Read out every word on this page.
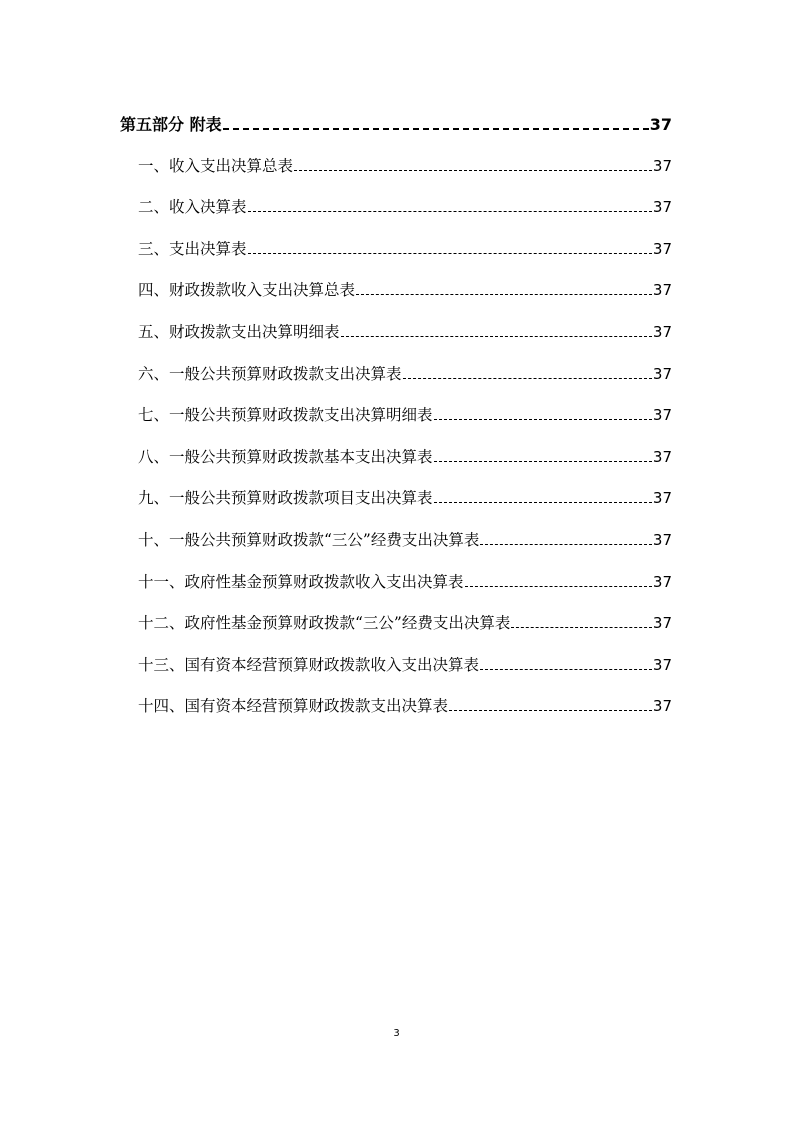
第五部分 附表	37
一、收入支出决算总表	37
二、收入决算表	37
三、支出决算表	37
四、财政拨款收入支出决算总表	37
五、财政拨款支出决算明细表	37
六、一般公共预算财政拨款支出决算表	37
七、一般公共预算财政拨款支出决算明细表	37
八、一般公共预算财政拨款基本支出决算表	37
九、一般公共预算财政拨款项目支出决算表	37
十、一般公共预算财政拨款“三公”经费支出决算表	37
十一、政府性基金预算财政拨款收入支出决算表	37
十二、政府性基金预算财政拨款“三公”经费支出决算表	37
十三、国有资本经营预算财政拨款收入支出决算表	37
十四、国有资本经营预算财政拨款支出决算表	37
3
